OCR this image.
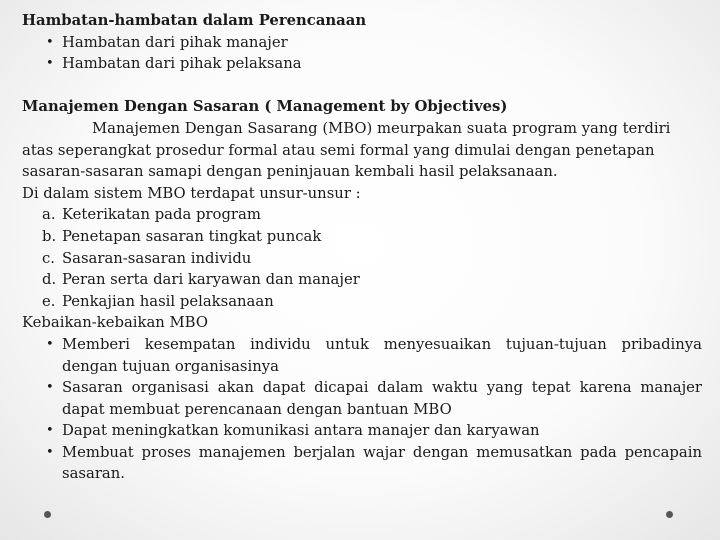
Hambatan-hambatan dalam Perencanaan
• Hambatan dari pihak manajer
• Hambatan dari pihak pelaksana
Manajemen Dengan Sasaran ( Management by Objectives)
Manajemen Dengan Sasarang (MBO) meurpakan suata program yang terdiri
atas seperangkat prosedur formal atau semi formal yang dimulai dengan penetapan
sasaran-sasaran samapi dengan peninjauan kembali hasil pelaksanaan.
Di dalam sistem MBO terdapat unsur-unsur :
a. Keterikatan pada program
b. Penetapan sasaran tingkat puncak
c. Sasaran-sasaran individu
d. Peran serta dari karyawan dan manajer
e. Penkajian hasil pelaksanaan
Kebaikan-kebaikan MBO
• Memberi kesempatan individu untuk menyesuaikan tujuan-tujuan pribadinya dengan tujuan organisasinya
• Sasaran organisasi akan dapat dicapai dalam waktu yang tepat karena manajer dapat membuat perencanaan dengan bantuan MBO
• Dapat meningkatkan komunikasi antara manajer dan karyawan
• Membuat proses manajemen berjalan wajar dengan memusatkan pada pencapain sasaran.
